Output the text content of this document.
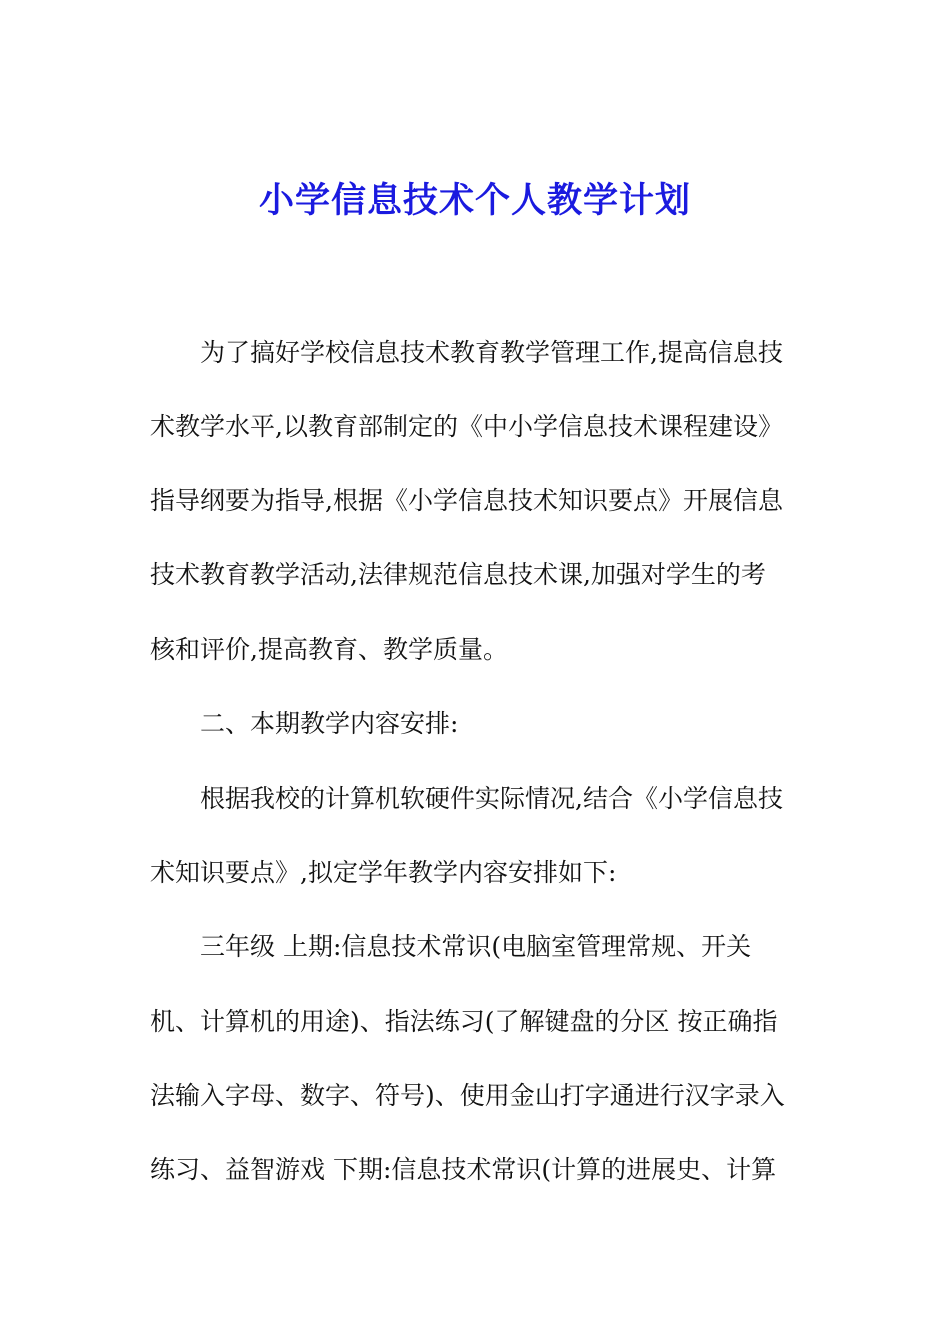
小学信息技术个人教学计划
为了搞好学校信息技术教育教学管理工作,提高信息技
术教学水平,以教育部制定的《中小学信息技术课程建设》
指导纲要为指导,根据《小学信息技术知识要点》开展信息
技术教育教学活动,法律规范信息技术课,加强对学生的考
核和评价,提高教育、教学质量。
二、本期教学内容安排:
根据我校的计算机软硬件实际情况,结合《小学信息技
术知识要点》,拟定学年教学内容安排如下:
三年级 上期:信息技术常识(电脑室管理常规、开关
机、计算机的用途)、指法练习(了解键盘的分区 按正确指
法输入字母、数字、符号)、使用金山打字通进行汉字录入
练习、益智游戏 下期:信息技术常识(计算的进展史、计算
